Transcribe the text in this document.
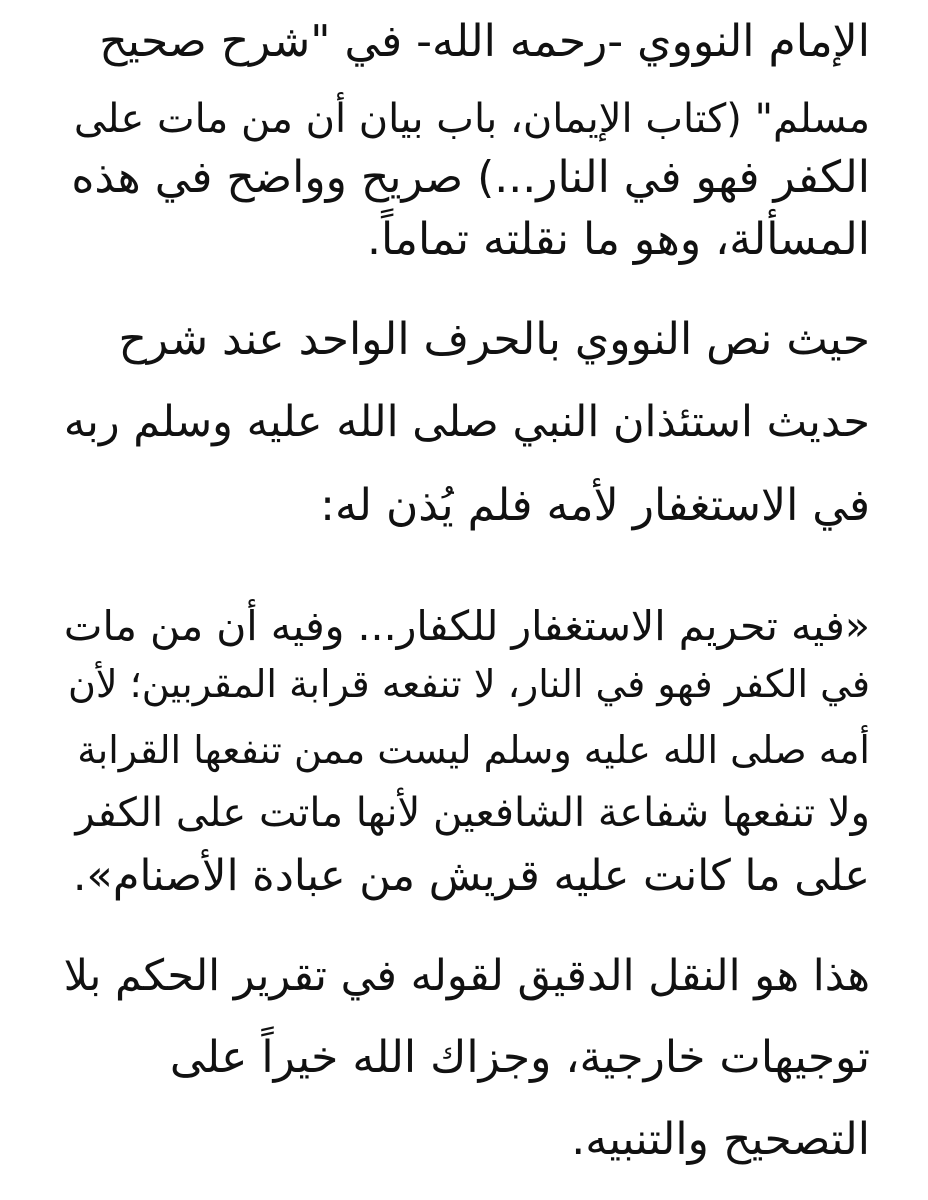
الإمام النووي -رحمه الله- في "شرح صحيح
مسلم" (كتاب الإيمان، باب بيان أن من مات على
الكفر فهو في النار...) صريح وواضح في هذه
المسألة، وهو ما نقلته تماماً.
حيث نص النووي بالحرف الواحد عند شرح
حديث استئذان النبي صلى الله عليه وسلم ربه
في الاستغفار لأمه فلم يُذن له:
«فيه تحريم الاستغفار للكفار... وفيه أن من مات
في الكفر فهو في النار، لا تنفعه قرابة المقربين؛ لأن
أمه صلى الله عليه وسلم ليست ممن تنفعها القرابة
ولا تنفعها شفاعة الشافعين لأنها ماتت على الكفر
على ما كانت عليه قريش من عبادة الأصنام».
هذا هو النقل الدقيق لقوله في تقرير الحكم بلا
توجيهات خارجية، وجزاك الله خيراً على
التصحيح والتنبيه.
